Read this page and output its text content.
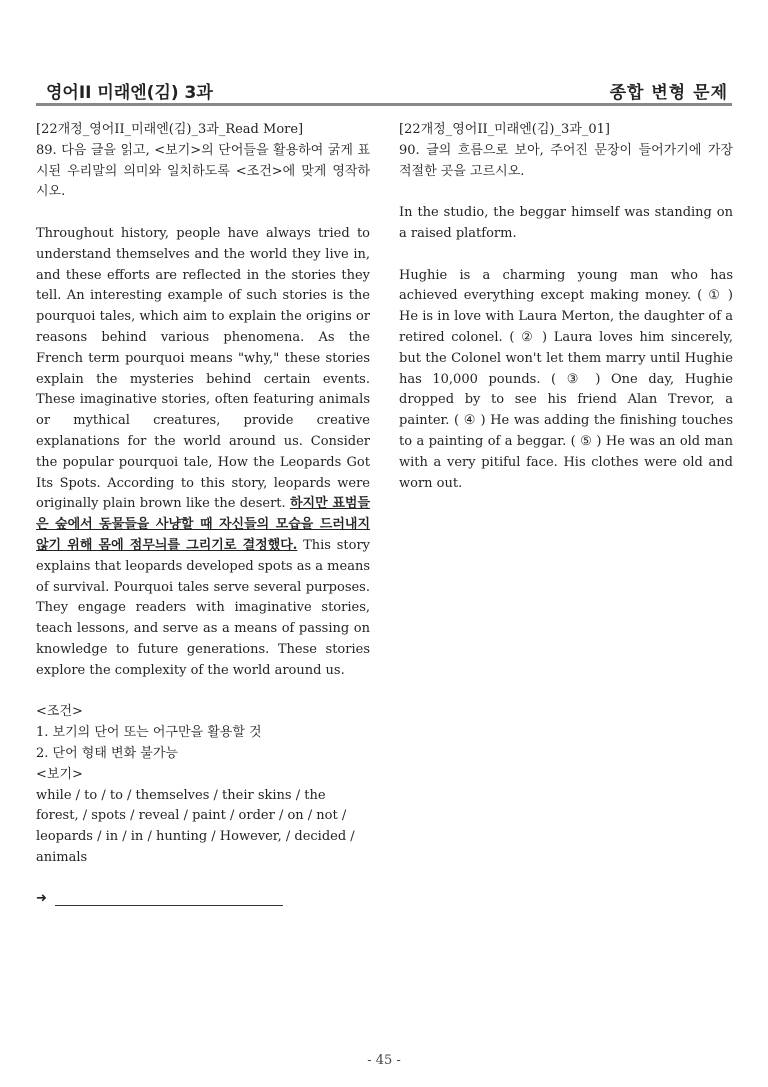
영어II 미래엔(김) 3과	종합 변형 문제

[22개정_영어II_미래엔(김)_3과_Read More]

89. 다음 글을 읽고, <보기>의 단어들을 활용하여 굵게 표시된 우리말의 의미와 일치하도록 <조건>에 맞게 영작하시오.

Throughout history, people have always tried to understand themselves and the world they live in, and these efforts are reflected in the stories they tell. An interesting example of such stories is the pourquoi tales, which aim to explain the origins or reasons behind various phenomena. As the French term pourquoi means "why," these stories explain the mysteries behind certain events. These imaginative stories, often featuring animals or mythical creatures, provide creative explanations for the world around us. Consider the popular pourquoi tale, How the Leopards Got Its Spots. According to this story, leopards were originally plain brown like the desert. 하지만 표범들은 숲에서 동물들을 사냥할 때 자신들의 모습을 드러내지 않기 위해 몸에 점무늬를 그리기로 결정했다. This story explains that leopards developed spots as a means of survival. Pourquoi tales serve several purposes. They engage readers with imaginative stories, teach lessons, and serve as a means of passing on knowledge to future generations. These stories explore the complexity of the world around us.

<조건>

1. 보기의 단어 또는 어구만을 활용할 것

2. 단어 형태 변화 불가능

<보기>

while / to / to / themselves / their skins / the forest, / spots / reveal / paint / order / on / not / leopards / in / in / hunting / However, / decided / animals

➜

[22개정_영어II_미래엔(김)_3과_01]

90. 글의 흐름으로 보아, 주어진 문장이 들어가기에 가장 적절한 곳을 고르시오.

In the studio, the beggar himself was standing on a raised platform.

Hughie is a charming young man who has achieved everything except making money. ( ① ) He is in love with Laura Merton, the daughter of a retired colonel. ( ② ) Laura loves him sincerely, but the Colonel won't let them marry until Hughie has 10,000 pounds. ( ③ ) One day, Hughie dropped by to see his friend Alan Trevor, a painter. ( ④ ) He was adding the finishing touches to a painting of a beggar. ( ⑤ ) He was an old man with a very pitiful face. His clothes were old and worn out.

- 45 -
